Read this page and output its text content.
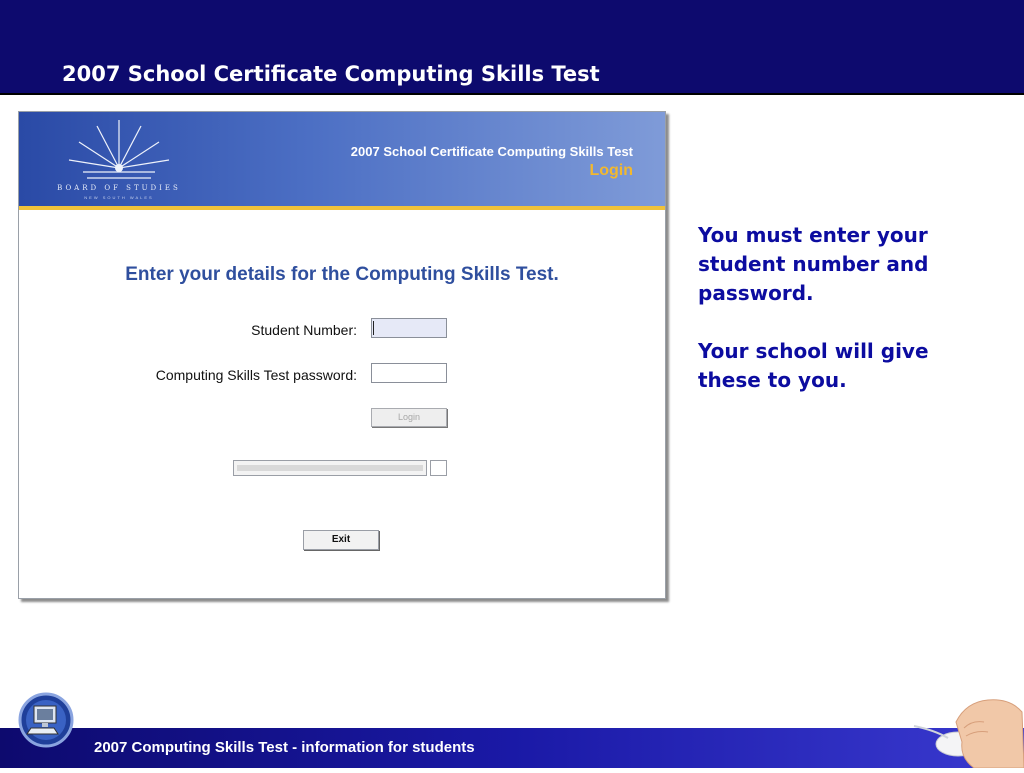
2007 School Certificate Computing Skills Test
BOARD OF STUDIES
NEW SOUTH WALES
2007 School Certificate Computing Skills Test
Login
Enter your details for the Computing Skills Test.
Student Number:
Computing Skills Test password:
Login
Exit

You must enter your student number and password.

Your school will give these to you.

2007 Computing Skills Test - information for students
